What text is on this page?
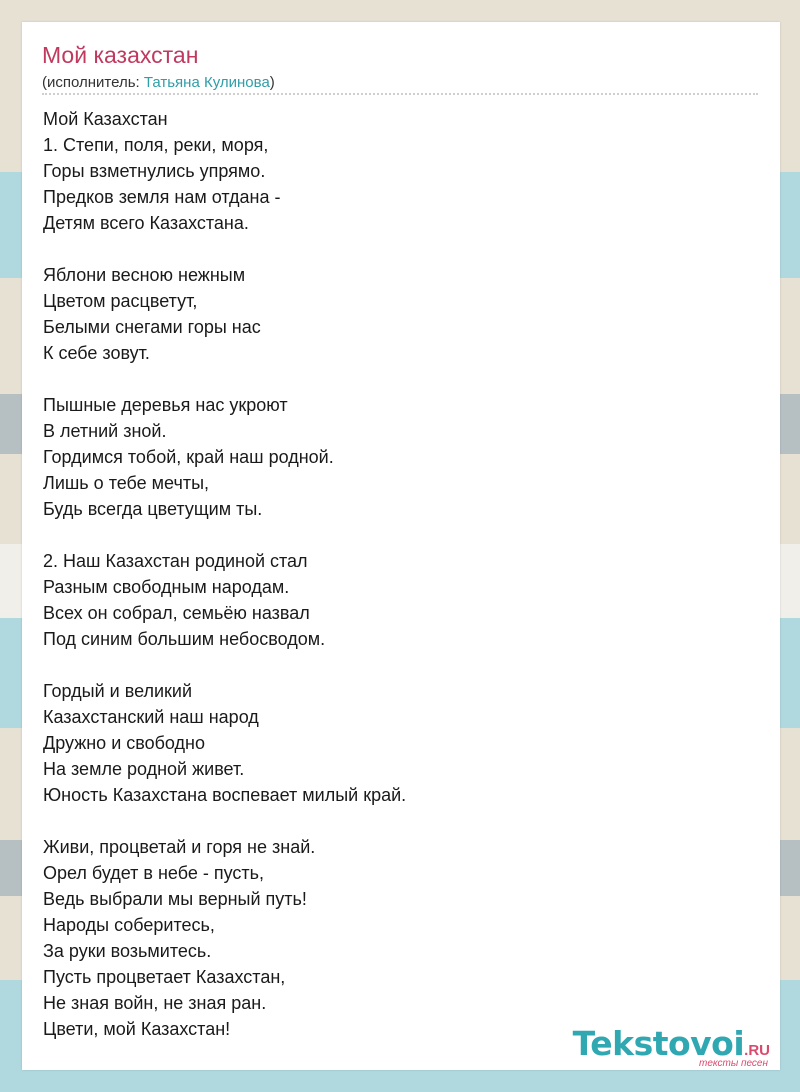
Мой казахстан
(исполнитель: Татьяна Кулинова)
Мой Казахстан
1. Степи, поля, реки, моря,
Горы взметнулись упрямо.
Предков земля нам отдана -
Детям всего Казахстана.
Яблони весною нежным
Цветом расцветут,
Белыми снегами горы нас
К себе зовут.
Пышные деревья нас укроют
В летний зной.
Гордимся тобой, край наш родной.
Лишь о тебе мечты,
Будь всегда цветущим ты.
2. Наш Казахстан родиной стал
Разным свободным народам.
Всех он собрал, семьёю назвал
Под синим большим небосводом.
Гордый и великий
Казахстанский наш народ
Дружно и свободно
На земле родной живет.
Юность Казахстана воспевает милый край.
Живи, процветай и горя не знай.
Орел будет в небе - пусть,
Ведь выбрали мы верный путь!
Народы соберитесь,
За руки возьмитесь.
Пусть процветает Казахстан,
Не зная войн, не зная ран.
Цвети, мой Казахстан!	Tekstovoi.RU
тексты песен
